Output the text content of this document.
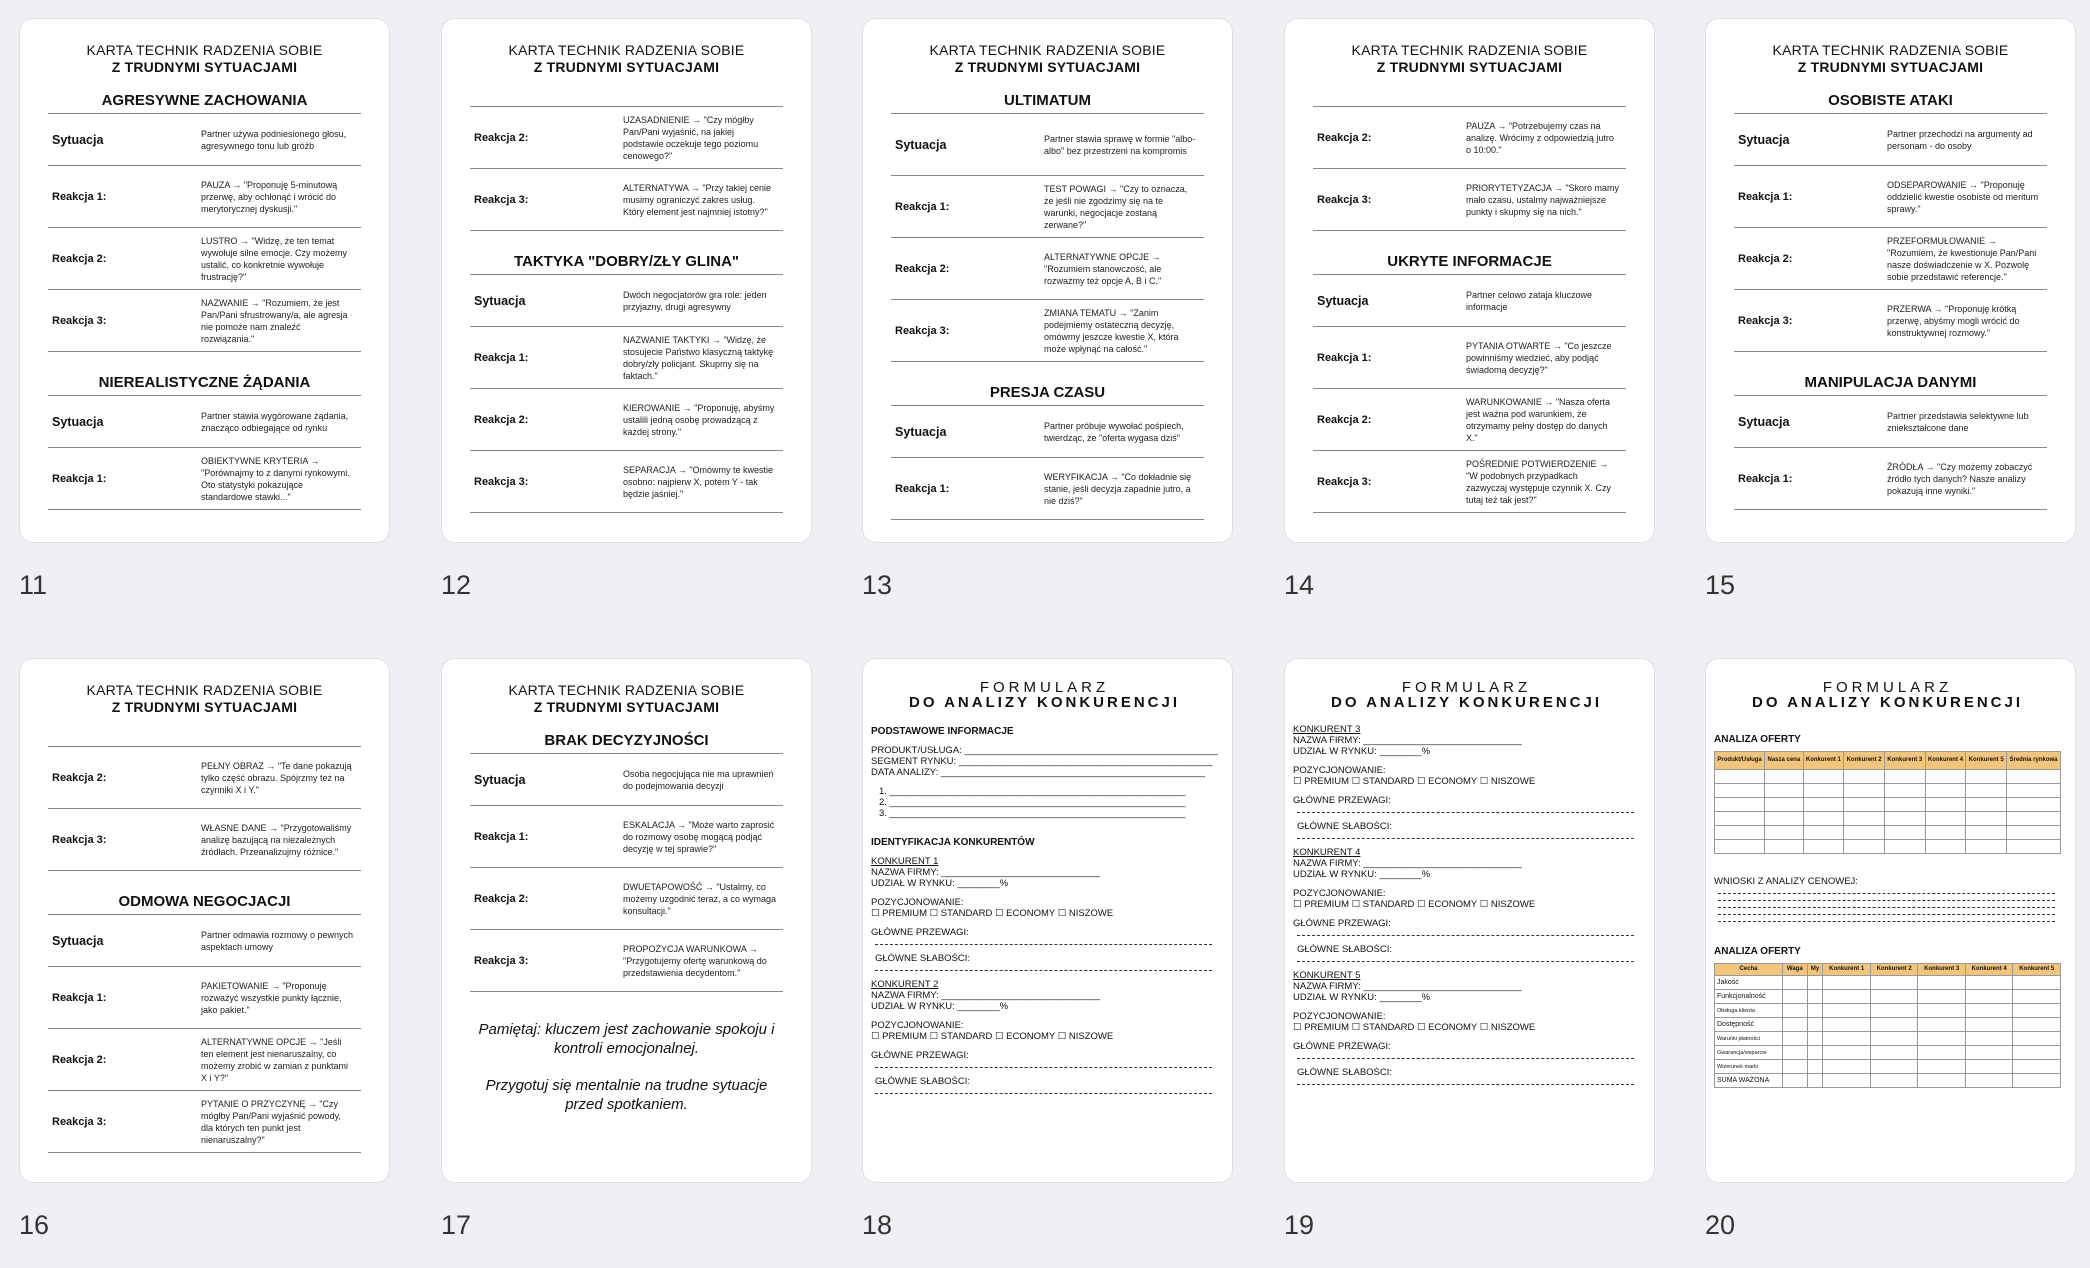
KARTA TECHNIK RADZENIA SOBIE
Z TRUDNYMI SYTUACJAMI
AGRESYWNE ZACHOWANIA
Sytuacja	Partner używa podniesionego głosu, agresywnego tonu lub gróźb
Reakcja 1:
PAUZA → "Proponuję 5-minutową przerwę, aby ochłonąć i wrócić do merytorycznej dyskusji."
Reakcja 2:
LUSTRO → "Widzę, że ten temat wywołuje silne emocje. Czy możemy ustalić, co konkretnie wywołuje frustrację?"
Reakcja 3:
NAZWANIE → "Rozumiem, że jest Pan/Pani sfrustrowany/a, ale agresja nie pomoże nam znaleźć rozwiązania."
NIEREALISTYCZNE ŻĄDANIA
Sytuacja	Partner stawia wygórowane żądania, znacząco odbiegające od rynku
Reakcja 1:
OBIEKTYWNE KRYTERIA → "Porównajmy to z danymi rynkowymi. Oto statystyki pokazujące standardowe stawki..."
11
KARTA TECHNIK RADZENIA SOBIE
Z TRUDNYMI SYTUACJAMI
Reakcja 2:
UZASADNIENIE → "Czy mógłby Pan/Pani wyjaśnić, na jakiej podstawie oczekuje tego poziomu cenowego?"
Reakcja 3:
ALTERNATYWA → "Przy takiej cenie musimy ograniczyć zakres usług. Który element jest najmniej istotny?"
TAKTYKA "DOBRY/ZŁY GLINA"
Sytuacja	Dwóch negocjatorów gra role: jeden przyjazny, drugi agresywny
Reakcja 1:
NAZWANIE TAKTYKI → "Widzę, że stosujecie Państwo klasyczną taktykę dobry/zły policjant. Skupmy się na faktach."
Reakcja 2:
KIEROWANIE → "Proponuję, abyśmy ustalili jedną osobę prowadzącą z każdej strony."
Reakcja 3:
SEPARACJA → "Omówmy te kwestie osobno: najpierw X, potem Y - tak będzie jaśniej."
12
KARTA TECHNIK RADZENIA SOBIE
Z TRUDNYMI SYTUACJAMI
ULTIMATUM
Sytuacja	Partner stawia sprawę w formie "albo-albo" bez przestrzeni na kompromis
Reakcja 1:
TEST POWAGI → "Czy to oznacza, że jeśli nie zgodzimy się na te warunki, negocjacje zostaną zerwane?"
Reakcja 2:
ALTERNATYWNE OPCJE → "Rozumiem stanowczość, ale rozważmy też opcje A, B i C."
Reakcja 3:
ZMIANA TEMATU → "Zanim podejmiemy ostateczną decyzję, omówmy jeszcze kwestie X, która może wpłynąć na całość."
PRESJA CZASU
Sytuacja	Partner próbuje wywołać pośpiech, twierdząc, że "oferta wygasa dziś"
Reakcja 1:
WERYFIKACJA → "Co dokładnie się stanie, jeśli decyzja zapadnie jutro, a nie dziś?"
13
KARTA TECHNIK RADZENIA SOBIE
Z TRUDNYMI SYTUACJAMI
Reakcja 2:
PAUZA → "Potrzebujemy czas na analizę. Wrócimy z odpowiedzią jutro o 10:00."
Reakcja 3:
PRIORYTETYZACJA → "Skoro mamy mało czasu, ustalmy najważniejsze punkty i skupmy się na nich."
UKRYTE INFORMACJE
Sytuacja	Partner celowo zataja kluczowe informacje
Reakcja 1:
PYTANIA OTWARTE → "Co jeszcze powinniśmy wiedzieć, aby podjąć świadomą decyzję?"
Reakcja 2:
WARUNKOWANIE → "Nasza oferta jest ważna pod warunkiem, że otrzymamy pełny dostęp do danych X."
Reakcja 3:
POŚREDNIE POTWIERDZENIE → "W podobnych przypadkach zazwyczaj występuje czynnik X. Czy tutaj też tak jest?"
14
KARTA TECHNIK RADZENIA SOBIE
Z TRUDNYMI SYTUACJAMI
OSOBISTE ATAKI
Sytuacja	Partner przechodzi na argumenty ad personam - do osoby
Reakcja 1:
ODSEPAROWANIE → "Proponuję oddzielić kwestie osobiste od meritum sprawy."
Reakcja 2:
PRZEFORMUŁOWANIE → "Rozumiem, że kwestionuje Pan/Pani nasze doświadczenie w X. Pozwolę sobie przedstawić referencje."
Reakcja 3:
PRZERWA → "Proponuję krótką przerwę, abyśmy mogli wrócić do konstruktywnej rozmowy."
MANIPULACJA DANYMI
Sytuacja	Partner przedstawia selektywne lub zniekształcone dane
Reakcja 1:
ŹRÓDŁA → "Czy możemy zobaczyć źródło tych danych? Nasze analizy pokazują inne wyniki."
15
KARTA TECHNIK RADZENIA SOBIE
Z TRUDNYMI SYTUACJAMI
Reakcja 2:
PEŁNY OBRAZ → "Te dane pokazują tylko część obrazu. Spójrzmy też na czynniki X i Y."
Reakcja 3:
WŁASNE DANE → "Przygotowaliśmy analizę bazującą na niezależnych źródłach. Przeanalizujmy różnice."
ODMOWA NEGOCJACJI
Sytuacja	Partner odmawia rozmowy o pewnych aspektach umowy
Reakcja 1:
PAKIETOWANIE → "Proponuję rozważyć wszystkie punkty łącznie, jako pakiet."
Reakcja 2:
ALTERNATYWNE OPCJE → "Jeśli ten element jest nienaruszalny, co możemy zrobić w zamian z punktami X i Y?"
Reakcja 3:
PYTANIE O PRZYCZYNĘ → "Czy mógłby Pan/Pani wyjaśnić powody, dla których ten punkt jest nienaruszalny?"
16
KARTA TECHNIK RADZENIA SOBIE
Z TRUDNYMI SYTUACJAMI
BRAK DECYZYJNOŚCI
Sytuacja	Osoba negocjująca nie ma uprawnień do podejmowania decyzji
Reakcja 1:
ESKALACJA → "Może warto zaprosić do rozmowy osobę mogącą podjąć decyzję w tej sprawie?"
Reakcja 2:
DWUETAPOWOŚĆ → "Ustalmy, co możemy uzgodnić teraz, a co wymaga konsultacji."
Reakcja 3:
PROPOZYCJA WARUNKOWA → "Przygotujemy ofertę warunkową do przedstawienia decydentom."
Pamiętaj: kluczem jest zachowanie spokoju i kontroli emocjonalnej.
Przygotuj się mentalnie na trudne sytuacje przed spotkaniem.
17
FORMULARZ
DO ANALIZY KONKURENCJI
PODSTAWOWE INFORMACJE
PRODUKT/USŁUGA: ________________________________________________
SEGMENT RYNKU: ________________________________________________
DATA ANALIZY: __________________________________________________
1. ________________________________________________________
2. ________________________________________________________
3. ________________________________________________________
IDENTYFIKACJA KONKURENTÓW
KONKURENT 1
NAZWA FIRMY: ______________________________
UDZIAŁ W RYNKU: ________%
POZYCJONOWANIE:
☐ PREMIUM ☐ STANDARD ☐ ECONOMY ☐ NISZOWE
GŁÓWNE PRZEWAGI:
GŁÓWNE SŁABOŚCI:
KONKURENT 2
NAZWA FIRMY: ______________________________
UDZIAŁ W RYNKU: ________%
POZYCJONOWANIE:
☐ PREMIUM ☐ STANDARD ☐ ECONOMY ☐ NISZOWE
GŁÓWNE PRZEWAGI:
GŁÓWNE SŁABOŚCI:
18
FORMULARZ
DO ANALIZY KONKURENCJI
KONKURENT 3
NAZWA FIRMY: ______________________________
UDZIAŁ W RYNKU: ________%
POZYCJONOWANIE:
☐ PREMIUM ☐ STANDARD ☐ ECONOMY ☐ NISZOWE
GŁÓWNE PRZEWAGI:
GŁÓWNE SŁABOŚCI:
KONKURENT 4
NAZWA FIRMY: ______________________________
UDZIAŁ W RYNKU: ________%
POZYCJONOWANIE:
☐ PREMIUM ☐ STANDARD ☐ ECONOMY ☐ NISZOWE
GŁÓWNE PRZEWAGI:
GŁÓWNE SŁABOŚCI:
KONKURENT 5
NAZWA FIRMY: ______________________________
UDZIAŁ W RYNKU: ________%
POZYCJONOWANIE:
☐ PREMIUM ☐ STANDARD ☐ ECONOMY ☐ NISZOWE
GŁÓWNE PRZEWAGI:
GŁÓWNE SŁABOŚCI:
19
FORMULARZ
DO ANALIZY KONKURENCJI
ANALIZA OFERTY
Produkt/Usługa	Nasza cena	Konkurent 1	Konkurent 2	Konkurent 3	Konkurent 4	Konkurent 5	Średnia rynkowa

WNIOSKI Z ANALIZY CENOWEJ:
ANALIZA OFERTY
Cecha	Waga	My	Konkurent 1	Konkurent 2	Konkurent 3	Konkurent 4	Konkurent 5
Jakość							
Funkcjonalność							
Obsługa klienta							
Dostępność							
Warunki płatności							
Gwarancja/wsparcie							
Wizerunek marki							
SUMA WAŻONA							
20
